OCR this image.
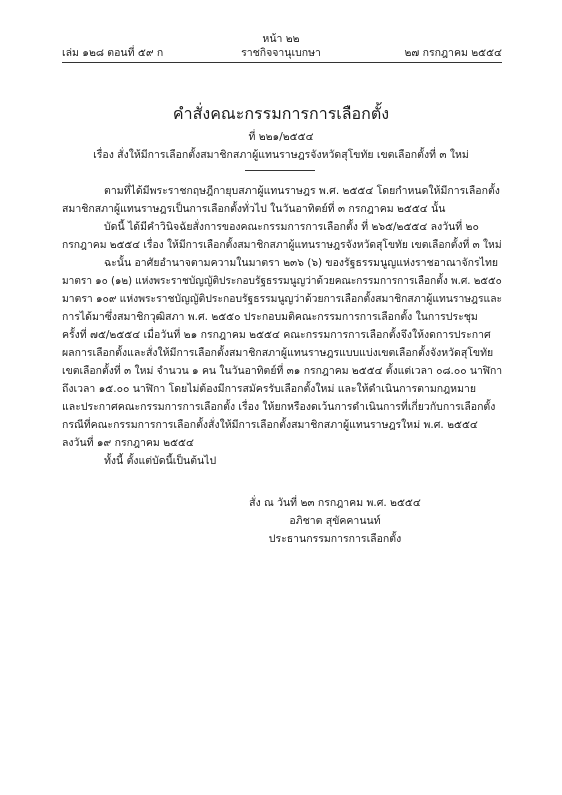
หน้า ๒๒
เล่ม ๑๒๘ ตอนที่ ๕๙ ก	ราชกิจจานุเบกษา	๒๗ กรกฎาคม ๒๕๕๔
คำสั่งคณะกรรมการการเลือกตั้ง
ที่ ๒๒๑/๒๕๕๔
เรื่อง สั่งให้มีการเลือกตั้งสมาชิกสภาผู้แทนราษฎรจังหวัดสุโขทัย เขตเลือกตั้งที่ ๓ ใหม่
ตามที่ได้มีพระราชกฤษฎีกายุบสภาผู้แทนราษฎร พ.ศ. ๒๕๕๔ โดยกำหนดให้มีการเลือกตั้ง
สมาชิกสภาผู้แทนราษฎรเป็นการเลือกตั้งทั่วไป ในวันอาทิตย์ที่ ๓ กรกฎาคม ๒๕๕๔ นั้น
บัดนี้ ได้มีคำวินิจฉัยสั่งการของคณะกรรมการการเลือกตั้ง ที่ ๒๖๕/๒๕๕๔ ลงวันที่ ๒๐
กรกฎาคม ๒๕๕๔ เรื่อง ให้มีการเลือกตั้งสมาชิกสภาผู้แทนราษฎรจังหวัดสุโขทัย เขตเลือกตั้งที่ ๓ ใหม่
ฉะนั้น อาศัยอำนาจตามความในมาตรา ๒๓๖ (๖) ของรัฐธรรมนูญแห่งราชอาณาจักรไทย
มาตรา ๑๐ (๑๒) แห่งพระราชบัญญัติประกอบรัฐธรรมนูญว่าด้วยคณะกรรมการการเลือกตั้ง พ.ศ. ๒๕๕๐
มาตรา ๑๐๙ แห่งพระราชบัญญัติประกอบรัฐธรรมนูญว่าด้วยการเลือกตั้งสมาชิกสภาผู้แทนราษฎรและ
การได้มาซึ่งสมาชิกวุฒิสภา พ.ศ. ๒๕๕๐ ประกอบมติคณะกรรมการการเลือกตั้ง ในการประชุม
ครั้งที่ ๗๕/๒๕๕๔ เมื่อวันที่ ๒๑ กรกฎาคม ๒๕๕๔ คณะกรรมการการเลือกตั้งจึงให้งดการประกาศ
ผลการเลือกตั้งและสั่งให้มีการเลือกตั้งสมาชิกสภาผู้แทนราษฎรแบบแบ่งเขตเลือกตั้งจังหวัดสุโขทัย
เขตเลือกตั้งที่ ๓ ใหม่ จำนวน ๑ คน ในวันอาทิตย์ที่ ๓๑ กรกฎาคม ๒๕๕๔ ตั้งแต่เวลา ๐๘.๐๐ นาฬิกา
ถึงเวลา ๑๕.๐๐ นาฬิกา โดยไม่ต้องมีการสมัครรับเลือกตั้งใหม่ และให้ดำเนินการตามกฎหมาย
และประกาศคณะกรรมการการเลือกตั้ง เรื่อง ให้ยกหรืองดเว้นการดำเนินการที่เกี่ยวกับการเลือกตั้ง
กรณีที่คณะกรรมการการเลือกตั้งสั่งให้มีการเลือกตั้งสมาชิกสภาผู้แทนราษฎรใหม่ พ.ศ. ๒๕๕๔
ลงวันที่ ๑๙ กรกฎาคม ๒๕๕๔
ทั้งนี้ ตั้งแต่บัดนี้เป็นต้นไป
สั่ง ณ วันที่ ๒๓ กรกฎาคม พ.ศ. ๒๕๕๔
อภิชาต สุขัคคานนท์
ประธานกรรมการการเลือกตั้ง
